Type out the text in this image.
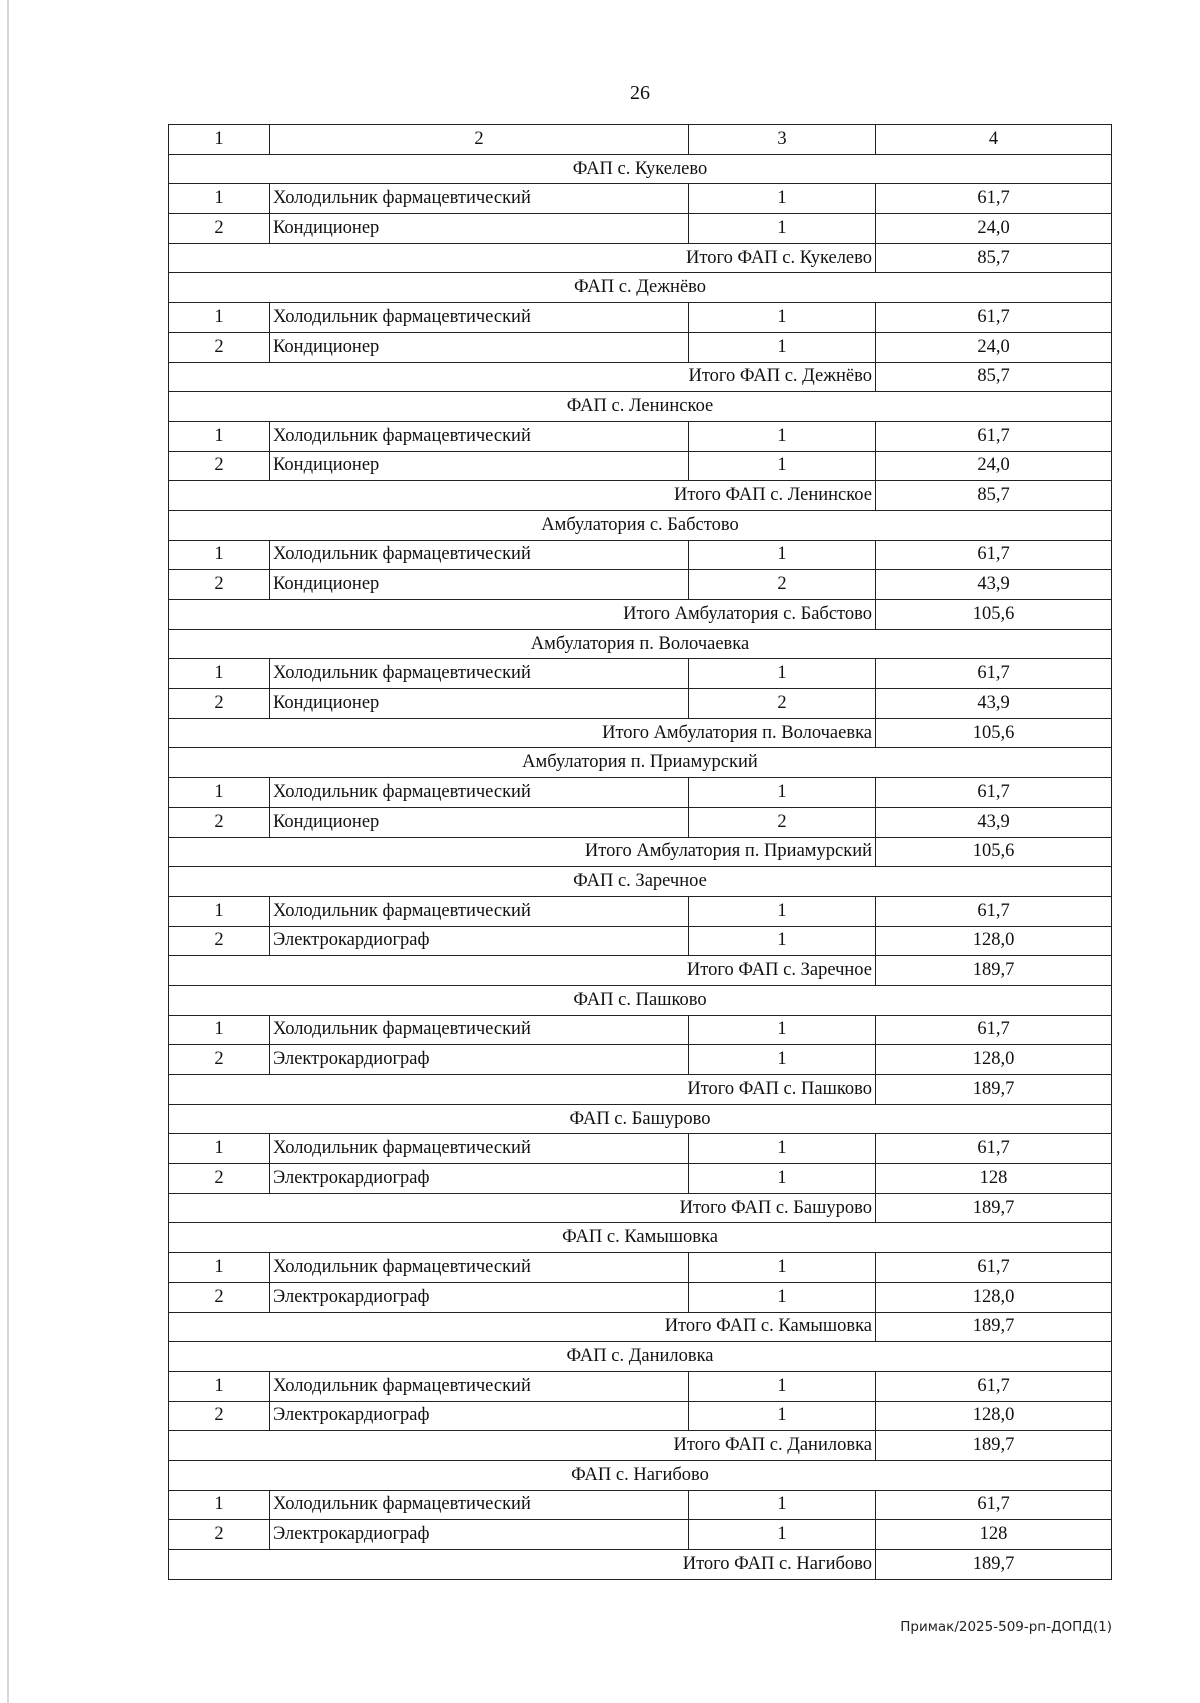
26
1	2	3	4
ФАП с. Кукелево			
1	Холодильник фармацевтический	1	61,7
2	Кондиционер	1	24,0
Итого ФАП с. Кукелево			85,7
ФАП с. Дежнёво			
1	Холодильник фармацевтический	1	61,7
2	Кондиционер	1	24,0
Итого ФАП с. Дежнёво			85,7
ФАП с. Ленинское			
1	Холодильник фармацевтический	1	61,7
2	Кондиционер	1	24,0
Итого ФАП с. Ленинское			85,7
Амбулатория с. Бабстово			
1	Холодильник фармацевтический	1	61,7
2	Кондиционер	2	43,9
Итого Амбулатория с. Бабстово			105,6
Амбулатория п. Волочаевка			
1	Холодильник фармацевтический	1	61,7
2	Кондиционер	2	43,9
Итого Амбулатория п. Волочаевка			105,6
Амбулатория п. Приамурский			
1	Холодильник фармацевтический	1	61,7
2	Кондиционер	2	43,9
Итого Амбулатория п. Приамурский			105,6
ФАП с. Заречное			
1	Холодильник фармацевтический	1	61,7
2	Электрокардиограф	1	128,0
Итого ФАП с. Заречное			189,7
ФАП с. Пашково			
1	Холодильник фармацевтический	1	61,7
2	Электрокардиограф	1	128,0
Итого ФАП с. Пашково			189,7
ФАП с. Башурово			
1	Холодильник фармацевтический	1	61,7
2	Электрокардиограф	1	128
Итого ФАП с. Башурово			189,7
ФАП с. Камышовка			
1	Холодильник фармацевтический	1	61,7
2	Электрокардиограф	1	128,0
Итого ФАП с. Камышовка			189,7
ФАП с. Даниловка			
1	Холодильник фармацевтический	1	61,7
2	Электрокардиограф	1	128,0
Итого ФАП с. Даниловка			189,7
ФАП с. Нагибово			
1	Холодильник фармацевтический	1	61,7
2	Электрокардиограф	1	128
Итого ФАП с. Нагибово			189,7
Примак/2025-509-рп-ДОПД(1)
